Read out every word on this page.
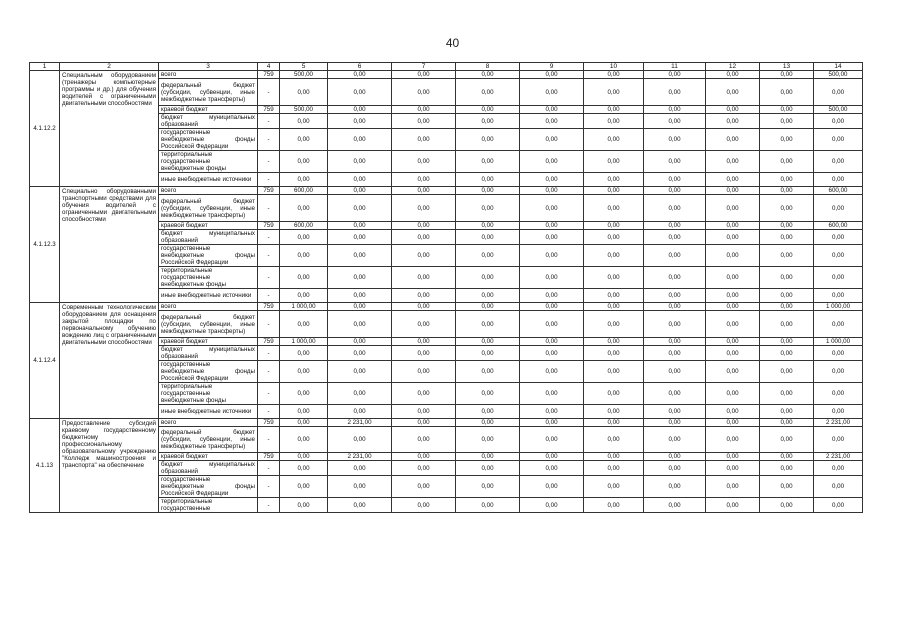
40
1	2	3	4	5	6	7	8	9	10	11	12	13	14
4.1.12.2	Специальным оборудованием (тренажеры компьютерные программы и др.) для обучения водителей с ограниченными двигательными способностями	всего	759	500,00	0,00	0,00	0,00	0,00	0,00	0,00	0,00	0,00	500,00
		федеральный бюджет (субсидии, субвенции, иные межбюджетные трансферты)	-	0,00	0,00	0,00	0,00	0,00	0,00	0,00	0,00	0,00	0,00
		краевой бюджет	759	500,00	0,00	0,00	0,00	0,00	0,00	0,00	0,00	0,00	500,00
		бюджет муниципальных образований	-	0,00	0,00	0,00	0,00	0,00	0,00	0,00	0,00	0,00	0,00
		государственные внебюджетные фонды Российской Федерации	-	0,00	0,00	0,00	0,00	0,00	0,00	0,00	0,00	0,00	0,00
		территориальные государственные внебюджетные фонды	-	0,00	0,00	0,00	0,00	0,00	0,00	0,00	0,00	0,00	0,00
		иные внебюджетные источники	-	0,00	0,00	0,00	0,00	0,00	0,00	0,00	0,00	0,00	0,00
4.1.12.3	Специально оборудованными транспортными средствами для обучения водителей с ограниченными двигательными способностями	всего	759	600,00	0,00	0,00	0,00	0,00	0,00	0,00	0,00	0,00	600,00
		федеральный бюджет (субсидии, субвенции, иные межбюджетные трансферты)	-	0,00	0,00	0,00	0,00	0,00	0,00	0,00	0,00	0,00	0,00
		краевой бюджет	759	600,00	0,00	0,00	0,00	0,00	0,00	0,00	0,00	0,00	600,00
		бюджет муниципальных образований	-	0,00	0,00	0,00	0,00	0,00	0,00	0,00	0,00	0,00	0,00
		государственные внебюджетные фонды Российской Федерации	-	0,00	0,00	0,00	0,00	0,00	0,00	0,00	0,00	0,00	0,00
		территориальные государственные внебюджетные фонды	-	0,00	0,00	0,00	0,00	0,00	0,00	0,00	0,00	0,00	0,00
		иные внебюджетные источники	-	0,00	0,00	0,00	0,00	0,00	0,00	0,00	0,00	0,00	0,00
4.1.12.4	Современным технологическим оборудованием для оснащения закрытой площадки по первоначальному обучению вождению лиц с ограниченными двигательными способностями	всего	759	1 000,00	0,00	0,00	0,00	0,00	0,00	0,00	0,00	0,00	1 000,00
		федеральный бюджет (субсидии, субвенции, иные межбюджетные трансферты)	-	0,00	0,00	0,00	0,00	0,00	0,00	0,00	0,00	0,00	0,00
		краевой бюджет	759	1 000,00	0,00	0,00	0,00	0,00	0,00	0,00	0,00	0,00	1 000,00
		бюджет муниципальных образований	-	0,00	0,00	0,00	0,00	0,00	0,00	0,00	0,00	0,00	0,00
		государственные внебюджетные фонды Российской Федерации	-	0,00	0,00	0,00	0,00	0,00	0,00	0,00	0,00	0,00	0,00
		территориальные государственные внебюджетные фонды	-	0,00	0,00	0,00	0,00	0,00	0,00	0,00	0,00	0,00	0,00
		иные внебюджетные источники	-	0,00	0,00	0,00	0,00	0,00	0,00	0,00	0,00	0,00	0,00
4.1.13	Предоставление субсидий краевому государственному бюджетному профессиональному образовательному учреждению "Колледж машиностроения и транспорта" на обеспечение	всего	759	0,00	2 231,00	0,00	0,00	0,00	0,00	0,00	0,00	0,00	2 231,00
		федеральный бюджет (субсидии, субвенции, иные межбюджетные трансферты)	-	0,00	0,00	0,00	0,00	0,00	0,00	0,00	0,00	0,00	0,00
		краевой бюджет	759	0,00	2 231,00	0,00	0,00	0,00	0,00	0,00	0,00	0,00	2 231,00
		бюджет муниципальных образований	-	0,00	0,00	0,00	0,00	0,00	0,00	0,00	0,00	0,00	0,00
		государственные внебюджетные фонды Российской Федерации	-	0,00	0,00	0,00	0,00	0,00	0,00	0,00	0,00	0,00	0,00
		территориальные государственные	-	0,00	0,00	0,00	0,00	0,00	0,00	0,00	0,00	0,00	0,00
